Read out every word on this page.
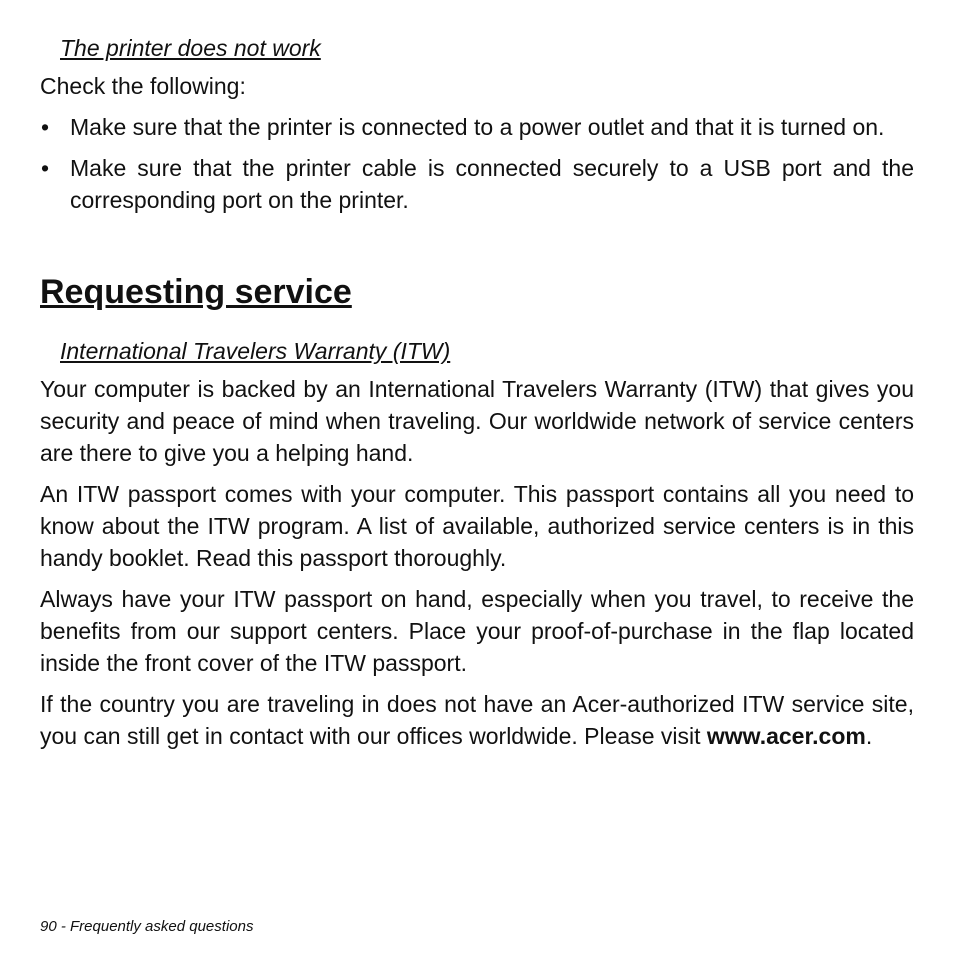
The printer does not work

Check the following:

• Make sure that the printer is connected to a power outlet and that it is turned on.
• Make sure that the printer cable is connected securely to a USB port and the corresponding port on the printer.
Requesting service
International Travelers Warranty (ITW)

Your computer is backed by an International Travelers Warranty (ITW) that gives you security and peace of mind when traveling. Our worldwide network of service centers are there to give you a helping hand.

An ITW passport comes with your computer. This passport contains all you need to know about the ITW program. A list of available, authorized service centers is in this handy booklet. Read this passport thoroughly.

Always have your ITW passport on hand, especially when you travel, to receive the benefits from our support centers. Place your proof-of-purchase in the flap located inside the front cover of the ITW passport.

If the country you are traveling in does not have an Acer-authorized ITW service site, you can still get in contact with our offices worldwide. Please visit www.acer.com.

90 - Frequently asked questions
